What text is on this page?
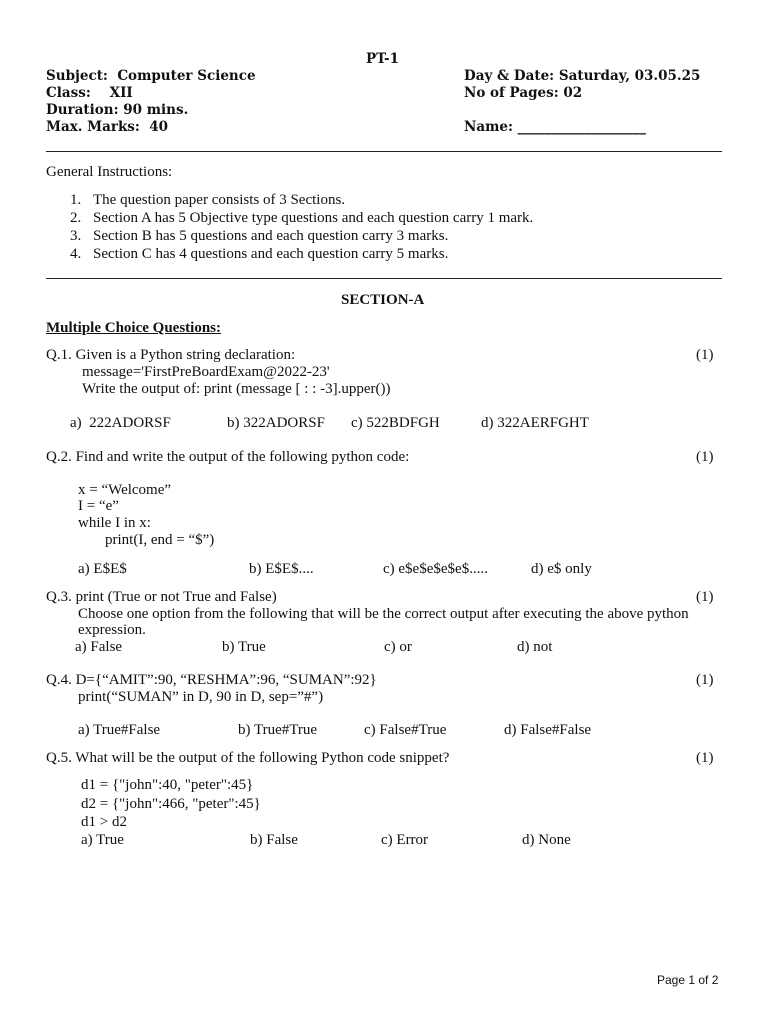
PT-1
Subject:  Computer Science
Class:    XII
Duration: 90 mins.
Max. Marks:  40
Day & Date: Saturday, 03.05.25
No of Pages: 02
Name: ___________________
General Instructions:
1. The question paper consists of 3 Sections.
2. Section A has 5 Objective type questions and each question carry 1 mark.
3. Section B has 5 questions and each question carry 3 marks.
4. Section C has 4 questions and each question carry 5 marks.
SECTION-A
Multiple Choice Questions:
Q.1. Given is a Python string declaration:	(1)
message='FirstPreBoardExam@2022-23'
Write the output of: print (message [ : : -3].upper())
a)  222ADORSF	b) 322ADORSF c) 522BDFGH	d) 322AERFGHT
Q.2. Find and write the output of the following python code:	(1)
x = “Welcome”
I = “e”
while I in x:
print(I, end = “$”)
a) E$E$	b) E$E$....	c) e$e$e$e$e$.....	d) e$ only
Q.3. print (True or not True and False)	(1)
Choose one option from the following that will be the correct output after executing the above python
expression.
a) False	b) True	c) or	d) not
Q.4. D={“AMIT”:90, “RESHMA”:96, “SUMAN”:92}	(1)
print(“SUMAN” in D, 90 in D, sep=”#”)
a) True#False	b) True#True	c) False#True	d) False#False
Q.5. What will be the output of the following Python code snippet?	(1)
d1 = {"john":40, "peter":45}
d2 = {"john":466, "peter":45}
d1 > d2
a) True	b) False	c) Error	d) None
Page 1 of 2
